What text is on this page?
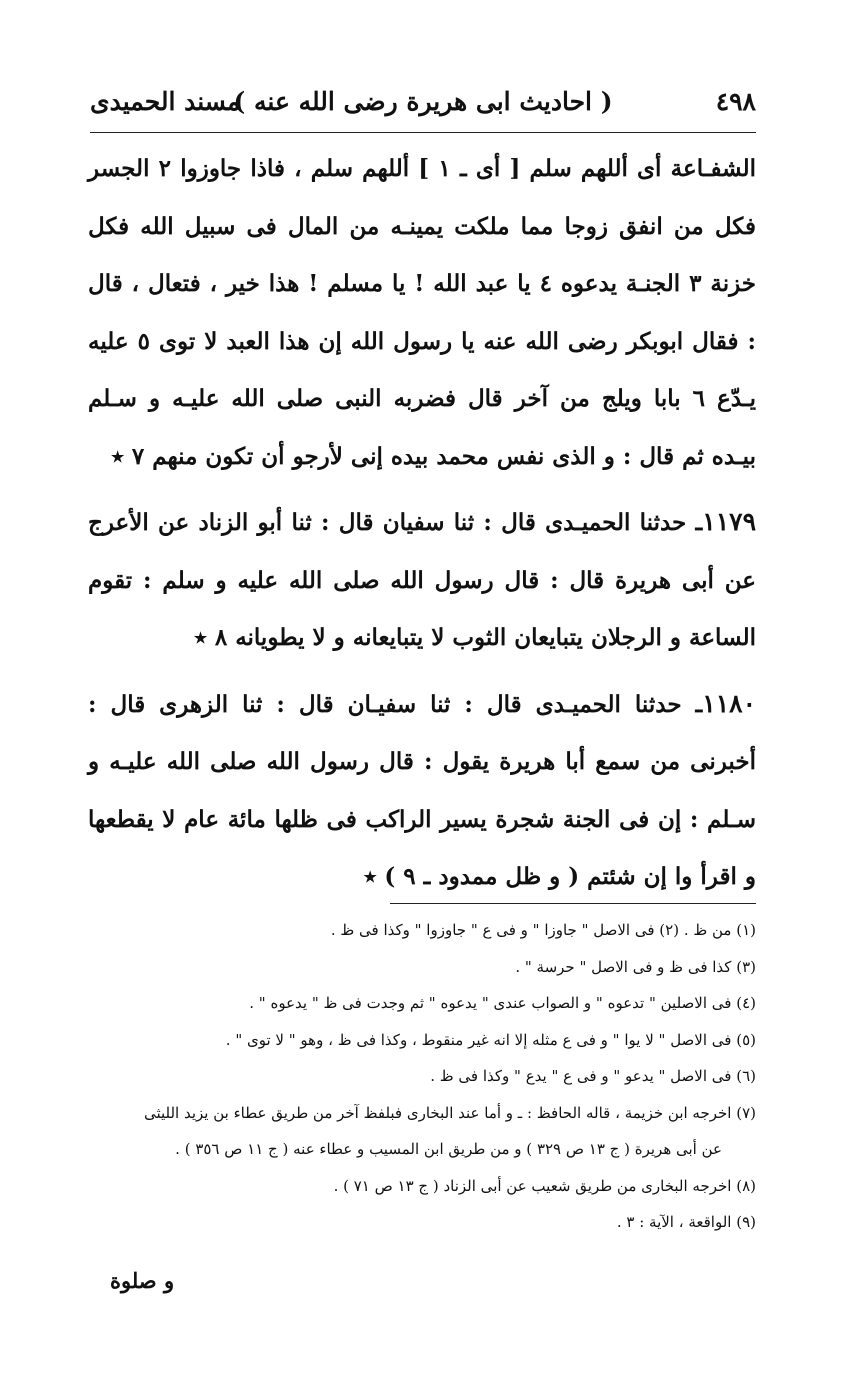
٤٩٨
( احاديث ابى هريرة رضى الله عنه )
مسند الحميدى

الشفـاعة أى أللهم سلم [ أى ـ ١ ] أللهم سلم ، فاذا جاوزوا ٢ الجسر فكل من انفق زوجا مما ملكت يمينـه من المال فى سبيل الله فكل خزنة ٣ الجنـة يدعوه ٤ يا عبد الله ! يا مسلم ! هذا خير ، فتعال ، قال : فقال ابوبكر رضى الله عنه يا رسول الله إن هذا العبد لا توى ٥ عليه يـدّع ٦ بابا ويلج من آخر قال فضربه النبى صلى الله عليـه و سـلم بيـده ثم قال : و الذى نفس محمد بيده إنى لأرجو أن تكون منهم ٧ ٭

١١٧٩ـ حدثنا الحميـدى قال : ثنا سفيان قال : ثنا أبو الزناد عن الأعرج عن أبى هريرة قال : قال رسول الله صلى الله عليه و سلم : تقوم الساعة و الرجلان يتبايعان الثوب لا يتبايعانه و لا يطويانه ٨ ٭

١١٨٠ـ حدثنا الحميـدى قال : ثنا سفيـان قال : ثنا الزهرى قال : أخبرنى من سمع أبا هريرة يقول : قال رسول الله صلى الله عليـه و سـلم : إن فى الجنة شجرة يسير الراكب فى ظلها مائة عام لا يقطعها و اقرأ وا إن شئتم ( و ظل ممدود ـ ٩ ) ٭

(١) من ظ . (٢) فى الاصل " جاوزا " و فى ع " جاوزوا " وكذا فى ظ .
(٣) كذا فى ظ و فى الاصل " حرسة " .
(٤) فى الاصلين " تدعوه " و الصواب عندى " يدعوه " ثم وجدت فى ظ " يدعوه " .
(٥) فى الاصل " لا يوا " و فى ع مثله إلا انه غير منقوط ، وكذا فى ظ ، وهو " لا توى " .
(٦) فى الاصل " يدعو " و فى ع " يدع " وكذا فى ظ .
(٧) اخرجه ابن خزيمة ، قاله الحافظ : ـ و أما عند البخارى فبلفظ آخر من طريق عطاء بن يزيد الليثى
عن أبى هريرة ( ج ١٣ ص ٣٢٩ ) و من طريق ابن المسيب و عطاء عنه ( ج ١١ ص ٣٥٦ ) .
(٨) اخرجه البخارى من طريق شعيب عن أبى الزناد ( ج ١٣ ص ٧١ ) .
(٩) الواقعة ، الآية : ٣ .
و صلوة
